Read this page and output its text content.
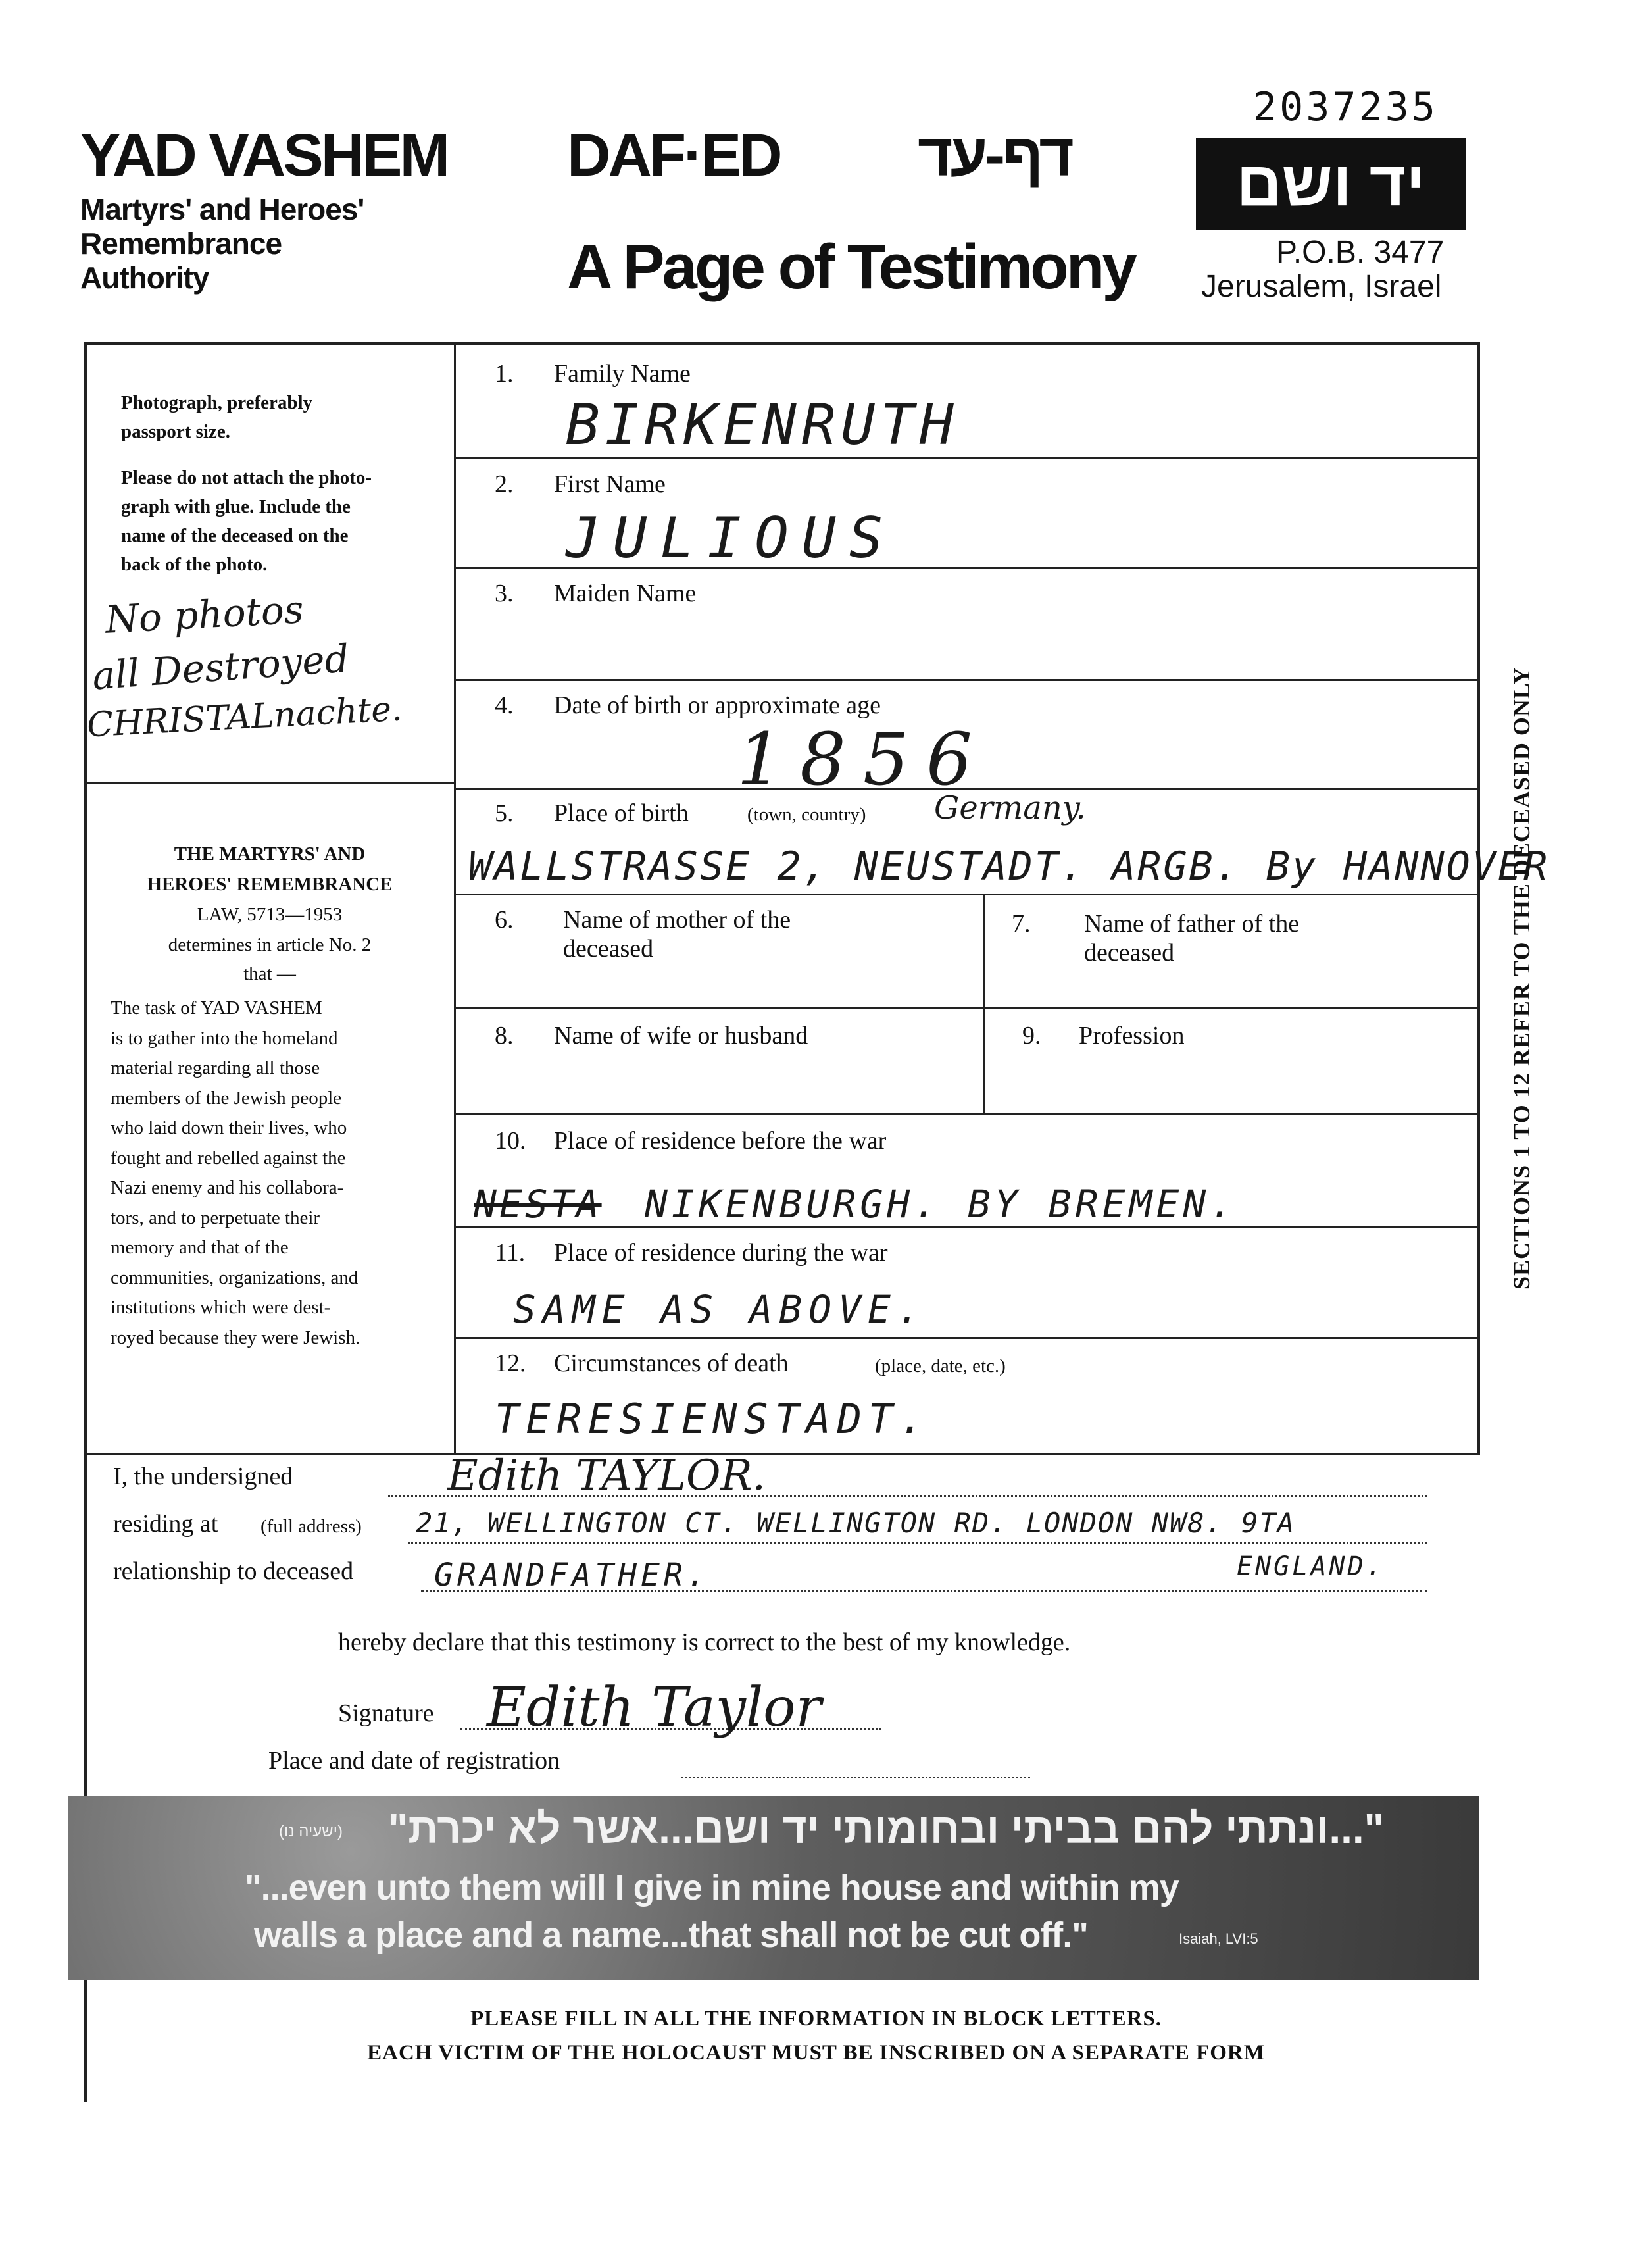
2037235
YAD VASHEM
Martyrs' and Heroes'
Remembrance
Authority
DAF·ED דף-עד
A Page of Testimony
יד ושם
P.O.B. 3477
Jerusalem, Israel
Photograph, preferably
passport size.
Please do not attach the photo-
graph with glue. Include the
name of the deceased on the
back of the photo.
No photos
all Destroyed
CHRISTALnachte.
THE MARTYRS' AND
HEROES' REMEMBRANCE
LAW, 5713—1953
determines in article No. 2
that —
The task of YAD VASHEM
is to gather into the homeland
material regarding all those
members of the Jewish people
who laid down their lives, who
fought and rebelled against the
Nazi enemy and his collabora-
tors, and to perpetuate their
memory and that of the
communities, organizations, and
institutions which were dest-
royed because they were Jewish.
1. Family Name
BIRKENRUTH
2. First Name
JULIOUS
3. Maiden Name
4. Date of birth or approximate age
1856
5. Place of birth	(town, country) Germany.
WALLSTRASSE 2, NEUSTADT. ARGB. By HANNOVER
6. Name of mother of the
deceased
7. Name of father of the
deceased
8. Name of wife or husband	9. Profession
10. Place of residence before the war
NESTA NIKENBURGH. BY BREMEN.
11. Place of residence during the war
SAME AS ABOVE.
12. Circumstances of death	(place, date, etc.)
TERESIENSTADT.
SECTIONS 1 TO 12 REFER TO THE DECEASED ONLY
I, the undersigned	Edith TAYLOR.
residing at (full address) 21, WELLINGTON CT. WELLINGTON RD. LONDON NW8. 9TA
ENGLAND.
relationship to deceased	GRANDFATHER.
hereby declare that this testimony is correct to the best of my knowledge.
Signature Edith Taylor
Place and date of registration
"...ונתתי להם בביתי ובחומותי יד ושם...אשר לא יכרת"
(ישעיה נו)
"...even unto them will I give in mine house and within my
walls a place and a name...that shall not be cut off."	Isaiah, LVI:5
PLEASE FILL IN ALL THE INFORMATION IN BLOCK LETTERS.
EACH VICTIM OF THE HOLOCAUST MUST BE INSCRIBED ON A SEPARATE FORM
